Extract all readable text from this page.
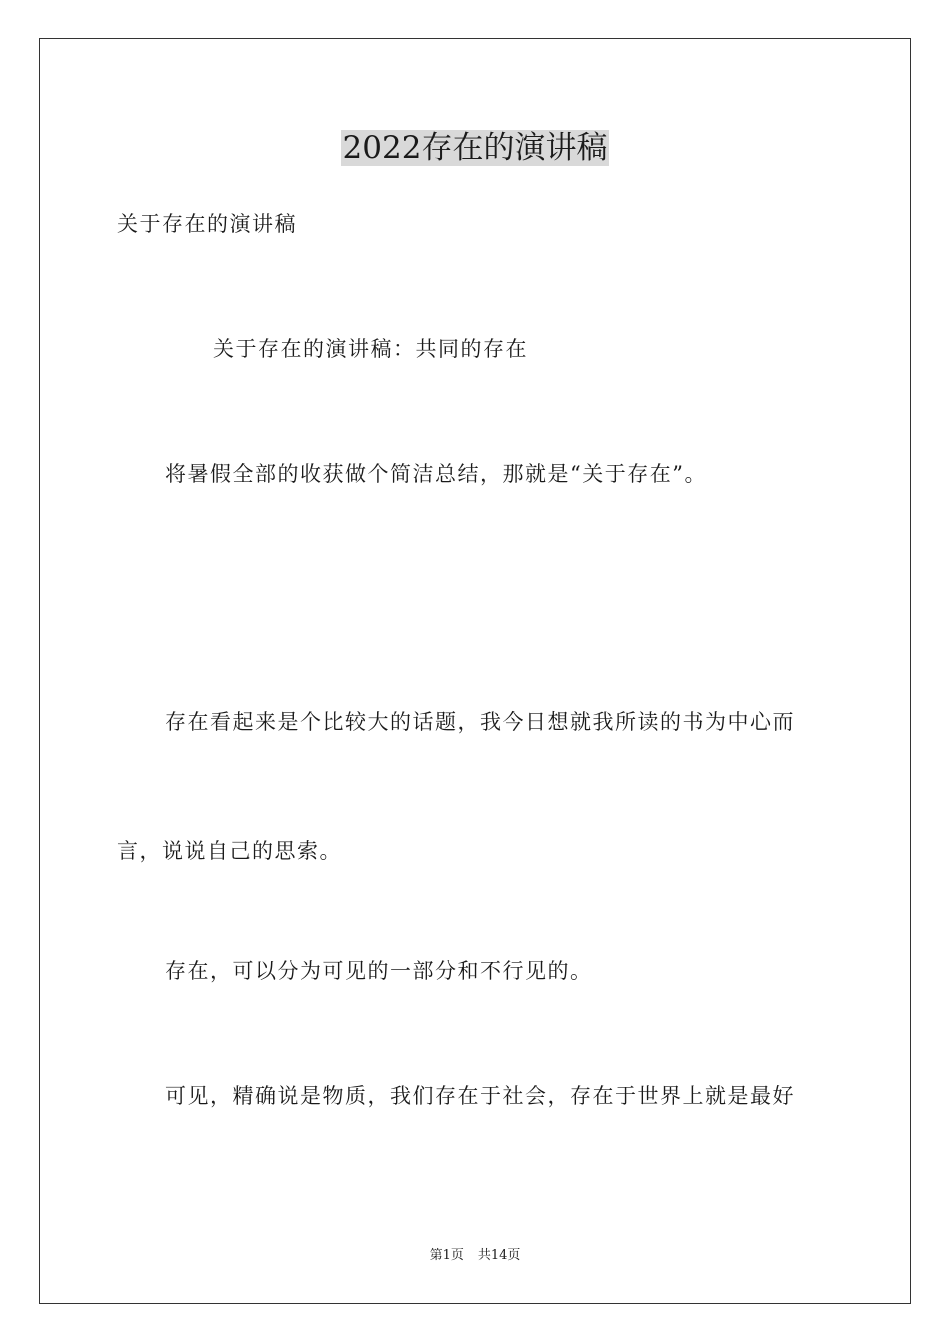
2022存在的演讲稿
关于存在的演讲稿
关于存在的演讲稿：共同的存在
将暑假全部的收获做个简洁总结，那就是“关于存在”。
存在看起来是个比较大的话题，我今日想就我所读的书为中心而
言，说说自己的思索。
存在，可以分为可见的一部分和不行见的。
可见，精确说是物质，我们存在于社会，存在于世界上就是最好
第1页 共14页
